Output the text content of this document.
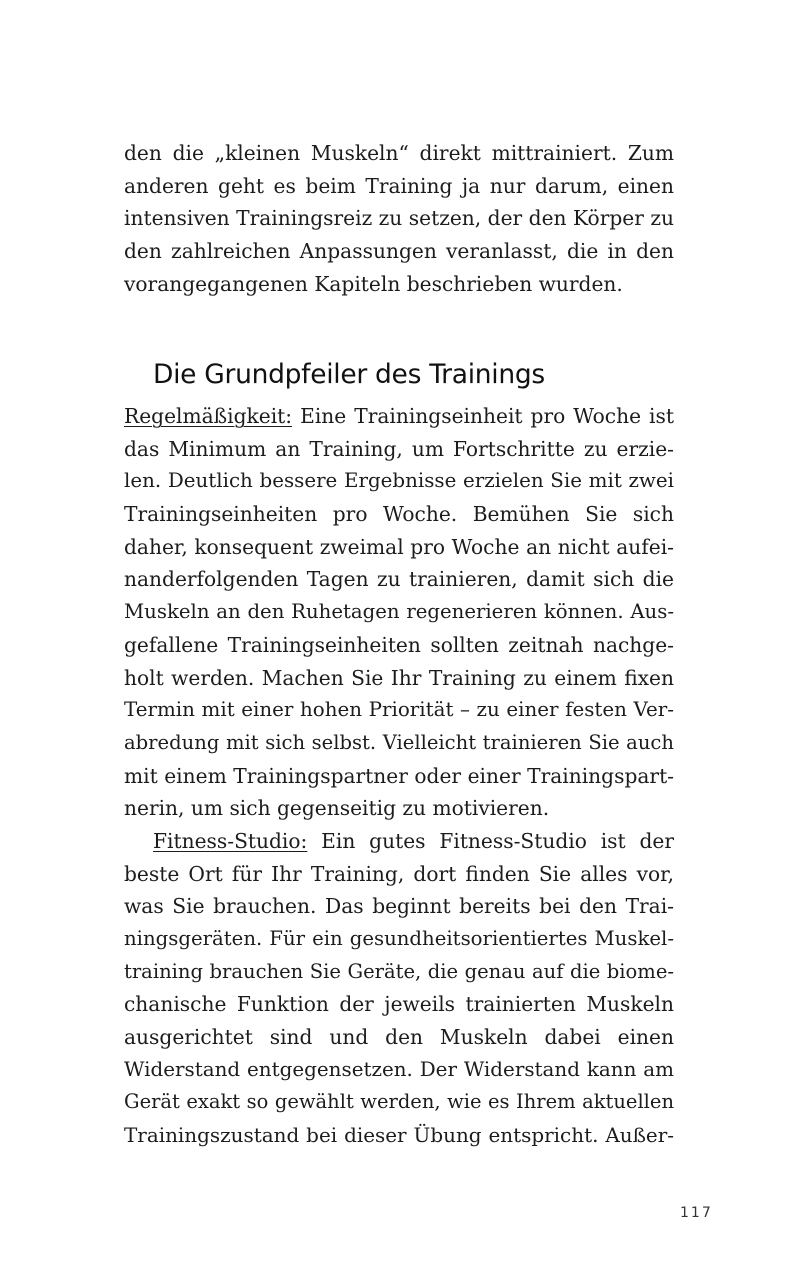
den die „kleinen Muskeln“ direkt mittrainiert. Zum
anderen geht es beim Training ja nur darum, einen
intensiven Trainingsreiz zu setzen, der den Körper zu
den zahlreichen Anpassungen veranlasst, die in den
vorangegangenen Kapiteln beschrieben wurden.
Die Grundpfeiler des Trainings
Regelmäßigkeit: Eine Trainingseinheit pro Woche ist
das Minimum an Training, um Fortschritte zu erzie-
len. Deutlich bessere Ergebnisse erzielen Sie mit zwei
Trainingseinheiten pro Woche. Bemühen Sie sich
daher, konsequent zweimal pro Woche an nicht aufei-
nanderfolgenden Tagen zu trainieren, damit sich die
Muskeln an den Ruhetagen regenerieren können. Aus-
gefallene Trainingseinheiten sollten zeitnah nachge-
holt werden. Machen Sie Ihr Training zu einem fixen
Termin mit einer hohen Priorität – zu einer festen Ver-
abredung mit sich selbst. Vielleicht trainieren Sie auch
mit einem Trainingspartner oder einer Trainingspart-
nerin, um sich gegenseitig zu motivieren.
Fitness-Studio: Ein gutes Fitness-Studio ist der
beste Ort für Ihr Training, dort finden Sie alles vor,
was Sie brauchen. Das beginnt bereits bei den Trai-
ningsgeräten. Für ein gesundheitsorientiertes Muskel-
training brauchen Sie Geräte, die genau auf die biome-
chanische Funktion der jeweils trainierten Muskeln
ausgerichtet sind und den Muskeln dabei einen
Widerstand entgegensetzen. Der Widerstand kann am
Gerät exakt so gewählt werden, wie es Ihrem aktuellen
Trainingszustand bei dieser Übung entspricht. Außer-
117
